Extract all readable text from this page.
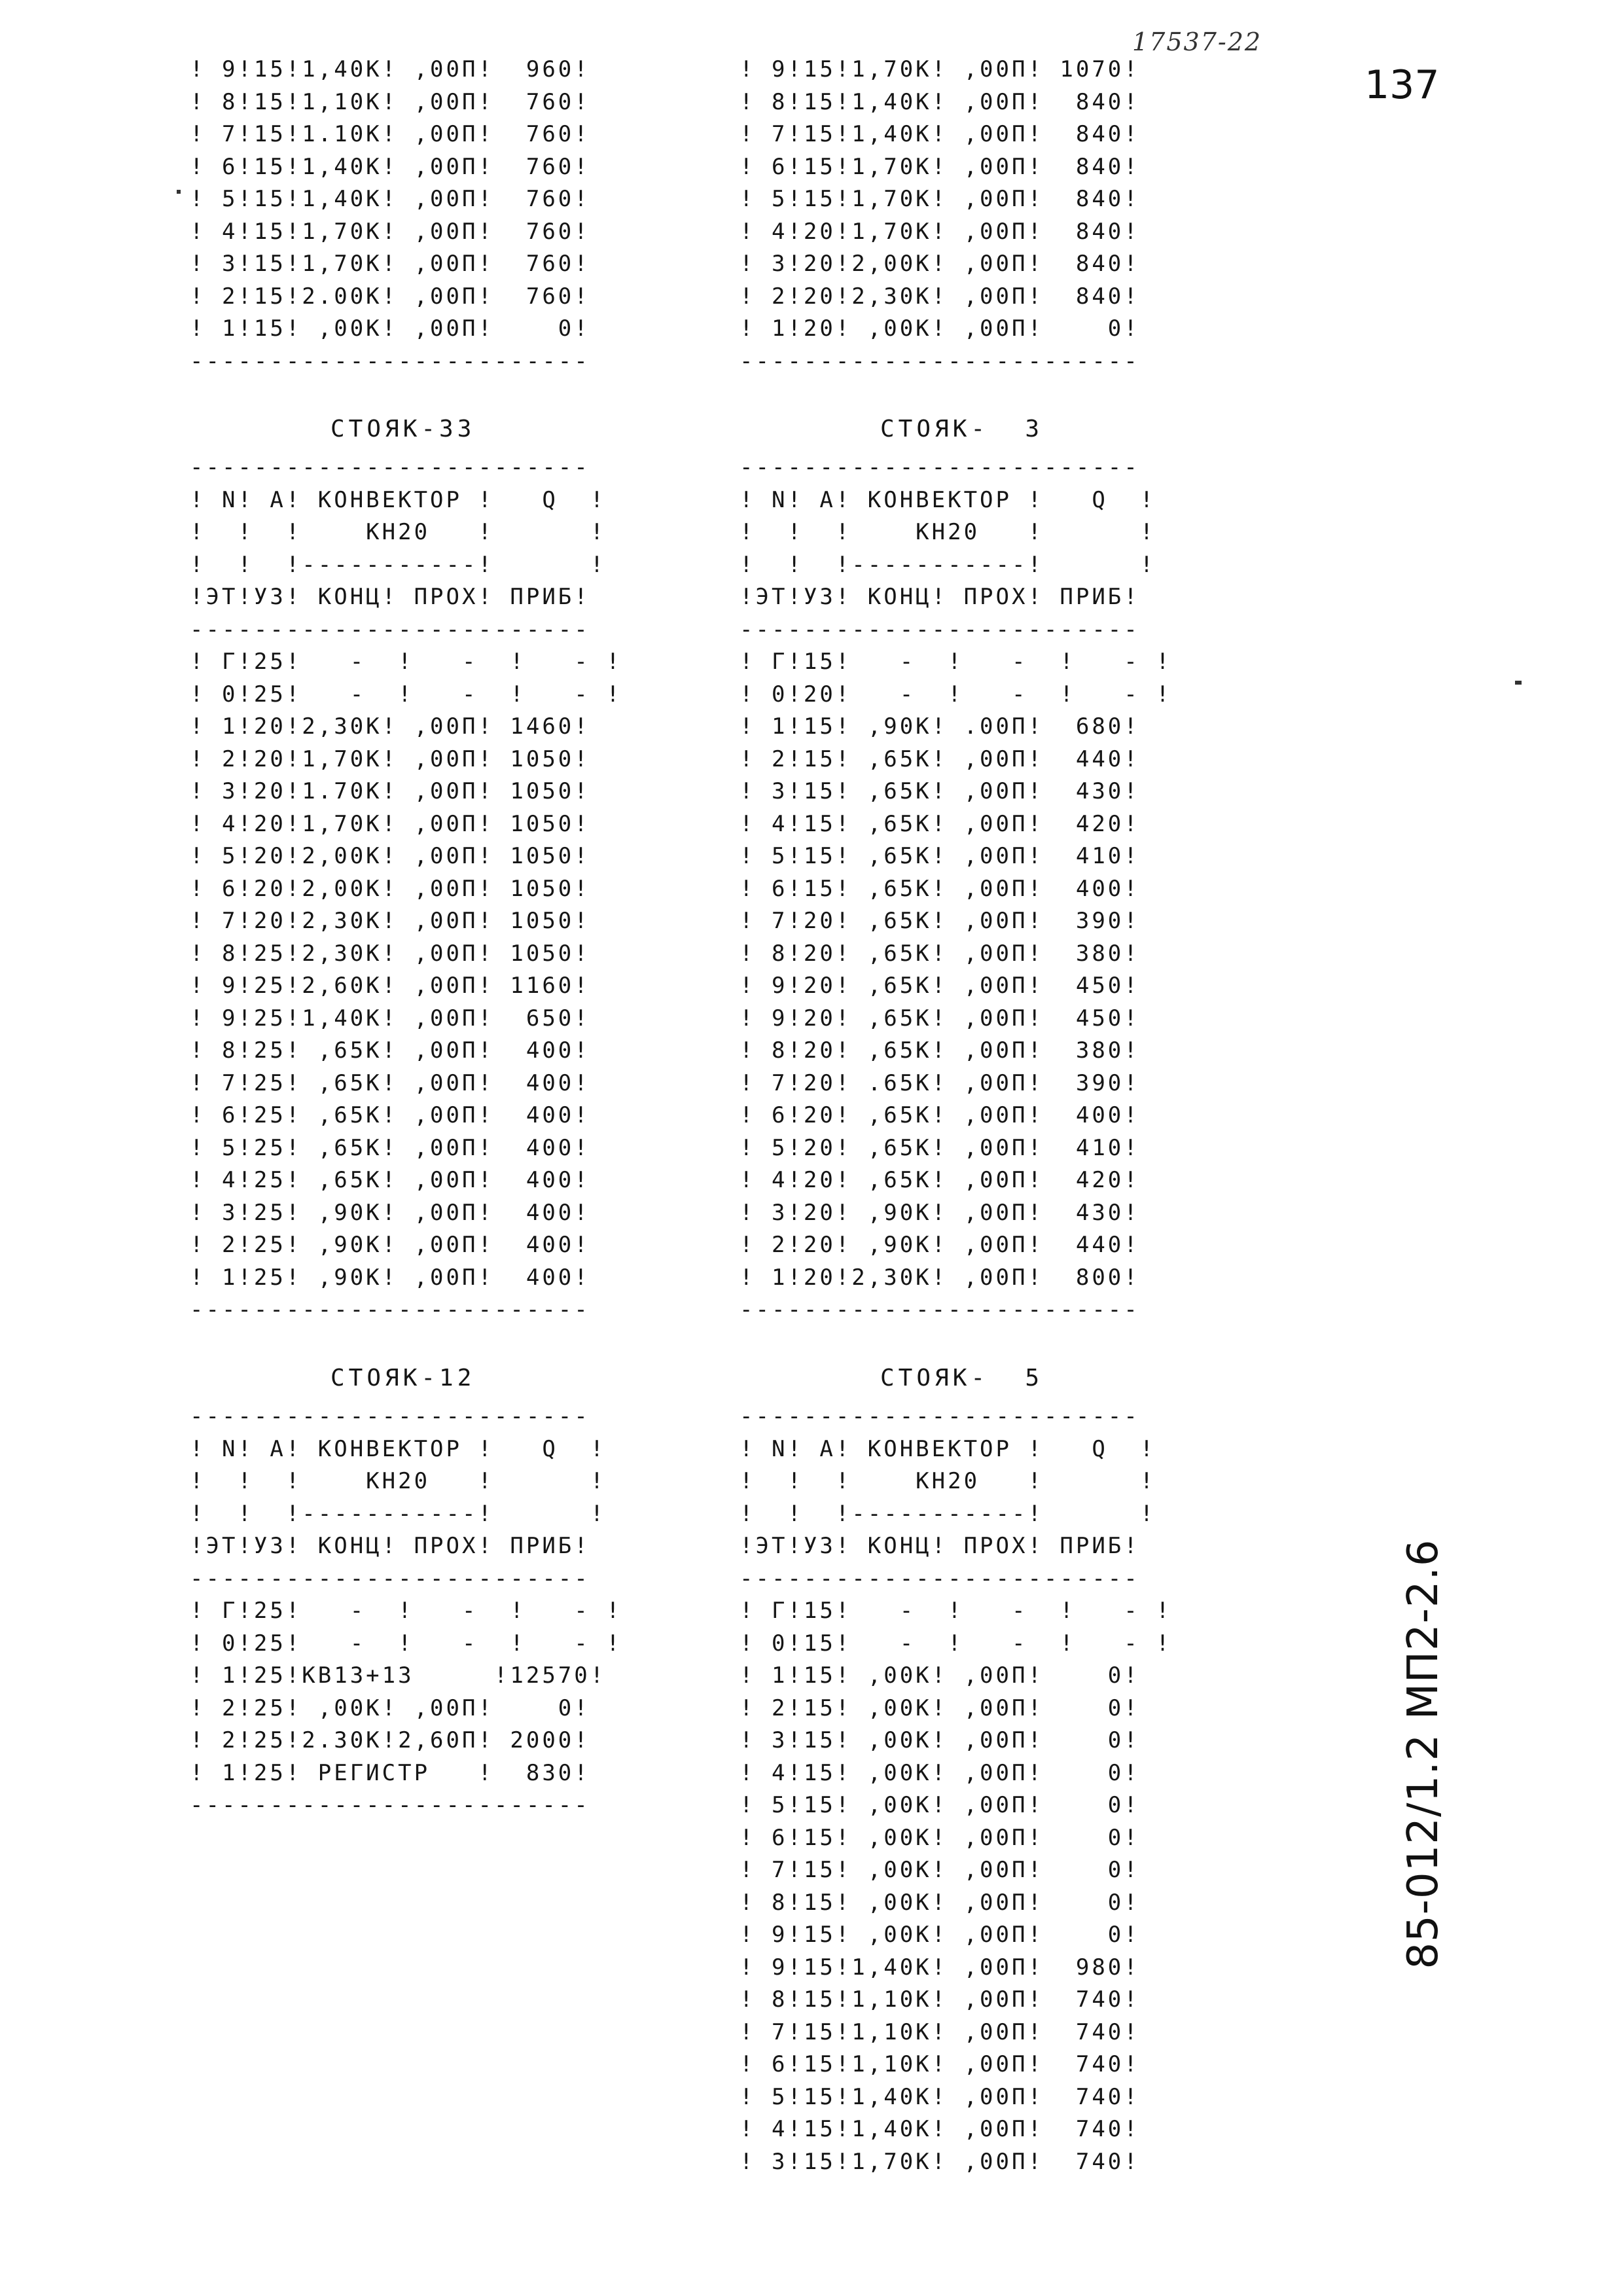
17537-22
137
85-012/1.2 МП2-2.6
! 9!15!1,40К! ,00П!  960!
! 8!15!1,10К! ,00П!  760!
! 7!15!1.10К! ,00П!  760!
! 6!15!1,40К! ,00П!  760!
! 5!15!1,40К! ,00П!  760!
! 4!15!1,70К! ,00П!  760!
! 3!15!1,70К! ,00П!  760!
! 2!15!2.00К! ,00П!  760!
! 1!15! ,00К! ,00П!    0!
-------------------------
! 9!15!1,70К! ,00П! 1070!
! 8!15!1,40К! ,00П!  840!
! 7!15!1,40К! ,00П!  840!
! 6!15!1,70К! ,00П!  840!
! 5!15!1,70К! ,00П!  840!
! 4!20!1,70К! ,00П!  840!
! 3!20!2,00К! ,00П!  840!
! 2!20!2,30К! ,00П!  840!
! 1!20! ,00К! ,00П!    0!
-------------------------
СТОЯК-33
-------------------------
! N! А! КОНВЕКТОР !   Q  !
!  !  !    КН20   !      !
!  !  !-----------!      !
!ЭТ!УЗ! КОНЦ! ПРОХ! ПРИБ!
-------------------------
! Г!25!   -  !   -  !   - !
! 0!25!   -  !   -  !   - !
! 1!20!2,30К! ,00П! 1460!
! 2!20!1,70К! ,00П! 1050!
! 3!20!1.70К! ,00П! 1050!
! 4!20!1,70К! ,00П! 1050!
! 5!20!2,00К! ,00П! 1050!
! 6!20!2,00К! ,00П! 1050!
! 7!20!2,30К! ,00П! 1050!
! 8!25!2,30К! ,00П! 1050!
! 9!25!2,60К! ,00П! 1160!
! 9!25!1,40К! ,00П!  650!
! 8!25! ,65К! ,00П!  400!
! 7!25! ,65К! ,00П!  400!
! 6!25! ,65К! ,00П!  400!
! 5!25! ,65К! ,00П!  400!
! 4!25! ,65К! ,00П!  400!
! 3!25! ,90К! ,00П!  400!
! 2!25! ,90К! ,00П!  400!
! 1!25! ,90К! ,00П!  400!
-------------------------
СТОЯК-  3
-------------------------
! N! А! КОНВЕКТОР !   Q  !
!  !  !    КН20   !      !
!  !  !-----------!      !
!ЭТ!УЗ! КОНЦ! ПРОХ! ПРИБ!
-------------------------
! Г!15!   -  !   -  !   - !
! 0!20!   -  !   -  !   - !
! 1!15! ,90К! .00П!  680!
! 2!15! ,65К! ,00П!  440!
! 3!15! ,65К! ,00П!  430!
! 4!15! ,65К! ,00П!  420!
! 5!15! ,65К! ,00П!  410!
! 6!15! ,65К! ,00П!  400!
! 7!20! ,65К! ,00П!  390!
! 8!20! ,65К! ,00П!  380!
! 9!20! ,65К! ,00П!  450!
! 9!20! ,65К! ,00П!  450!
! 8!20! ,65К! ,00П!  380!
! 7!20! .65К! ,00П!  390!
! 6!20! ,65К! ,00П!  400!
! 5!20! ,65К! ,00П!  410!
! 4!20! ,65К! ,00П!  420!
! 3!20! ,90К! ,00П!  430!
! 2!20! ,90К! ,00П!  440!
! 1!20!2,30К! ,00П!  800!
-------------------------
СТОЯК-12
-------------------------
! N! А! КОНВЕКТОР !   Q  !
!  !  !    КН20   !      !
!  !  !-----------!      !
!ЭТ!УЗ! КОНЦ! ПРОХ! ПРИБ!
-------------------------
! Г!25!   -  !   -  !   - !
! 0!25!   -  !   -  !   - !
! 1!25!КВ13+13     !12570!
! 2!25! ,00К! ,00П!    0!
! 2!25!2.30К!2,60П! 2000!
! 1!25! РЕГИСТР   !  830!
-------------------------
СТОЯК-  5
-------------------------
! N! А! КОНВЕКТОР !   Q  !
!  !  !    КН20   !      !
!  !  !-----------!      !
!ЭТ!УЗ! КОНЦ! ПРОХ! ПРИБ!
-------------------------
! Г!15!   -  !   -  !   - !
! 0!15!   -  !   -  !   - !
! 1!15! ,00К! ,00П!    0!
! 2!15! ,00К! ,00П!    0!
! 3!15! ,00К! ,00П!    0!
! 4!15! ,00К! ,00П!    0!
! 5!15! ,00К! ,00П!    0!
! 6!15! ,00К! ,00П!    0!
! 7!15! ,00К! ,00П!    0!
! 8!15! ,00К! ,00П!    0!
! 9!15! ,00К! ,00П!    0!
! 9!15!1,40К! ,00П!  980!
! 8!15!1,10К! ,00П!  740!
! 7!15!1,10К! ,00П!  740!
! 6!15!1,10К! ,00П!  740!
! 5!15!1,40К! ,00П!  740!
! 4!15!1,40К! ,00П!  740!
! 3!15!1,70К! ,00П!  740!
